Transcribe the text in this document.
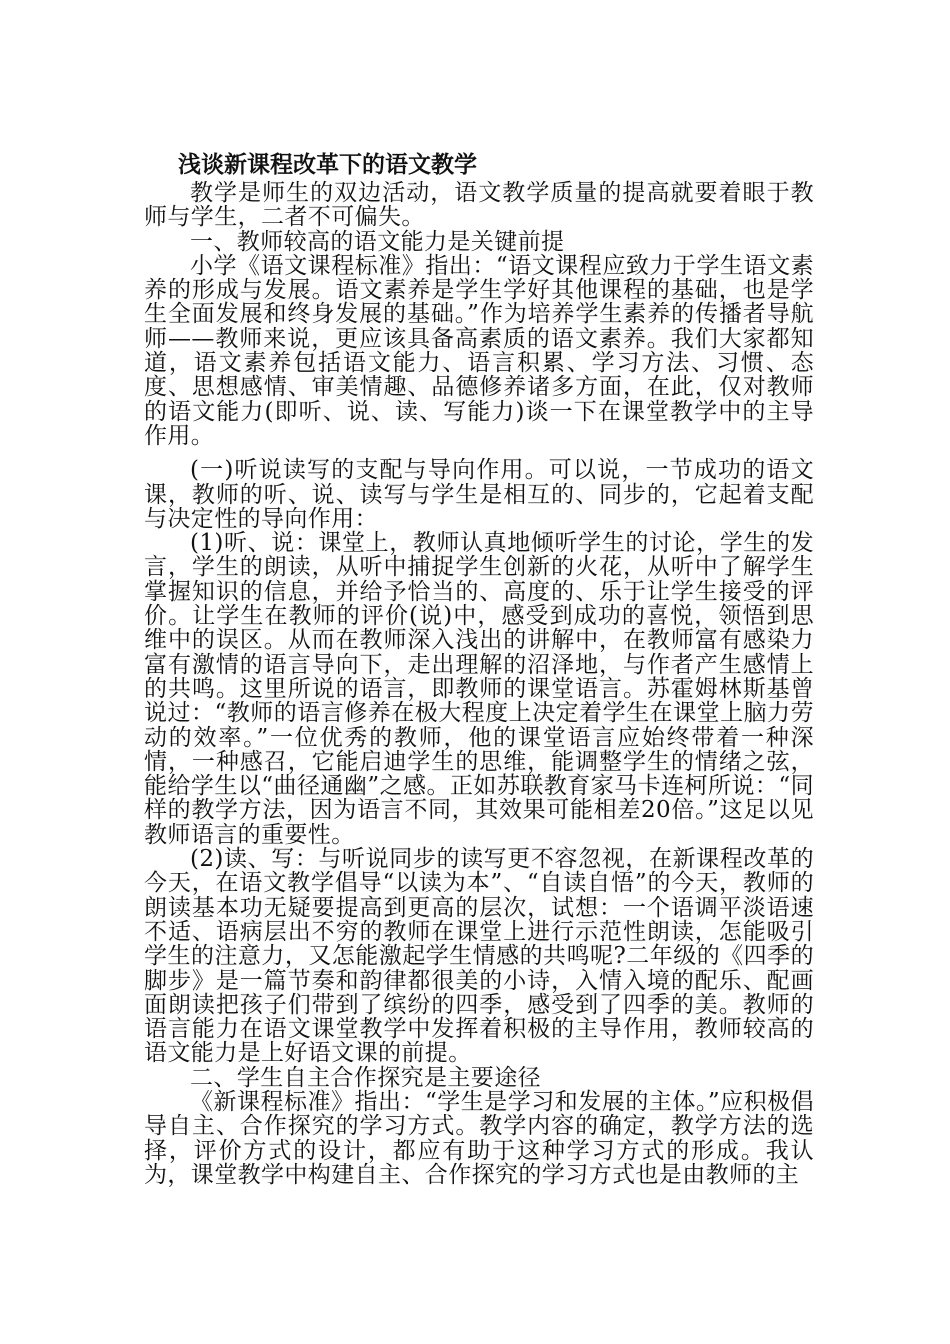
浅谈新课程改革下的语文教学

教学是师生的双边活动，语文教学质量的提高就要着眼于教师与学生，二者不可偏失。

一、教师较高的语文能力是关键前提

小学《语文课程标准》指出：“语文课程应致力于学生语文素养的形成与发展。语文素养是学生学好其他课程的基础，也是学生全面发展和终身发展的基础。”作为培养学生素养的传播者导航师——教师来说，更应该具备高素质的语文素养。我们大家都知道，语文素养包括语文能力、语言积累、学习方法、习惯、态度、思想感情、审美情趣、品德修养诸多方面，在此，仅对教师的语文能力(即听、说、读、写能力)谈一下在课堂教学中的主导作用。

(一)听说读写的支配与导向作用。可以说，一节成功的语文课，教师的听、说、读写与学生是相互的、同步的，它起着支配与决定性的导向作用：

(1)听、说：课堂上，教师认真地倾听学生的讨论，学生的发言，学生的朗读，从听中捕捉学生创新的火花，从听中了解学生掌握知识的信息，并给予恰当的、高度的、乐于让学生接受的评价。让学生在教师的评价(说)中，感受到成功的喜悦，领悟到思维中的误区。从而在教师深入浅出的讲解中，在教师富有感染力富有激情的语言导向下，走出理解的沼泽地，与作者产生感情上的共鸣。这里所说的语言，即教师的课堂语言。苏霍姆林斯基曾说过：“教师的语言修养在极大程度上决定着学生在课堂上脑力劳动的效率。”一位优秀的教师，他的课堂语言应始终带着一种深情，一种感召，它能启迪学生的思维，能调整学生的情绪之弦，能给学生以“曲径通幽”之感。正如苏联教育家马卡连柯所说：“同样的教学方法，因为语言不同，其效果可能相差20倍。”这足以见教师语言的重要性。

(2)读、写：与听说同步的读写更不容忽视，在新课程改革的今天，在语文教学倡导“以读为本”、“自读自悟”的今天，教师的朗读基本功无疑要提高到更高的层次，试想：一个语调平淡语速不适、语病层出不穷的教师在课堂上进行示范性朗读，怎能吸引学生的注意力，又怎能激起学生情感的共鸣呢?二年级的《四季的脚步》是一篇节奏和韵律都很美的小诗，入情入境的配乐、配画面朗读把孩子们带到了缤纷的四季，感受到了四季的美。教师的语言能力在语文课堂教学中发挥着积极的主导作用，教师较高的语文能力是上好语文课的前提。

二、学生自主合作探究是主要途径

《新课程标准》指出：“学生是学习和发展的主体。”应积极倡导自主、合作探究的学习方式。教学内容的确定，教学方法的选择，评价方式的设计，都应有助于这种学习方式的形成。我认为，课堂教学中构建自主、合作探究的学习方式也是由教师的主
